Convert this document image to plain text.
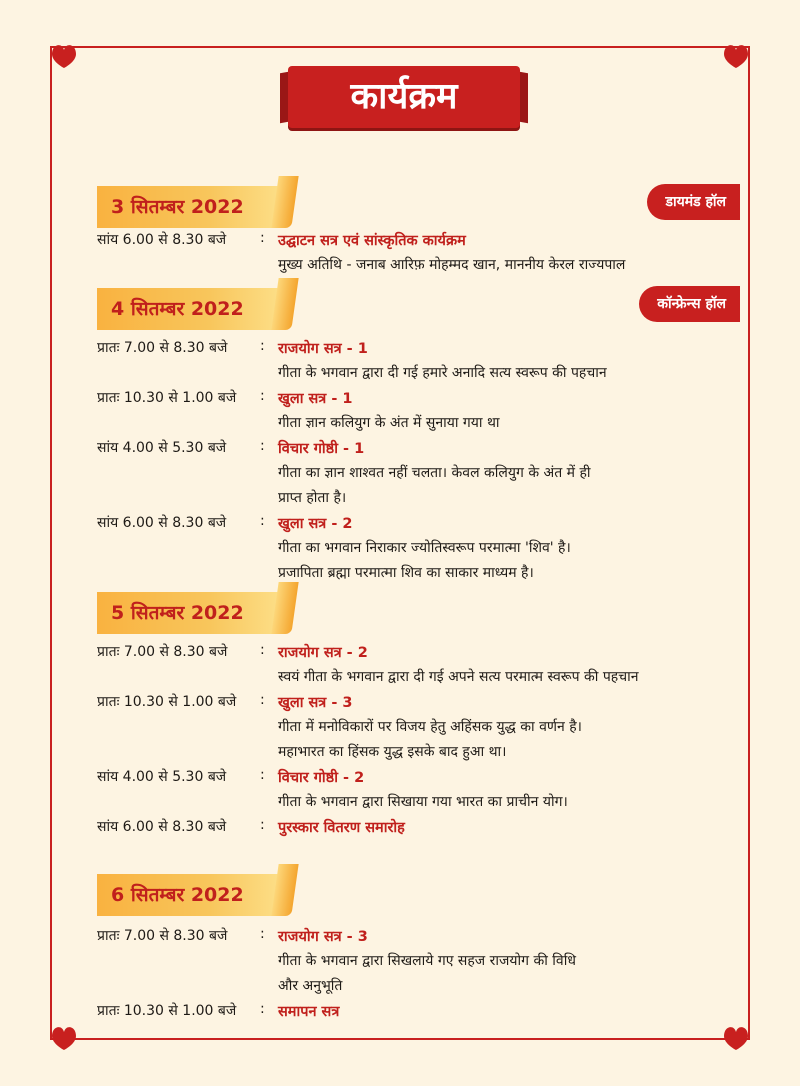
कार्यक्रम
डायमंड हॉल
कॉन्फ्रेन्स हॉल
3 सितम्बर 2022
सांय 6.00 से 8.30 बजे : उद्घाटन सत्र एवं सांस्कृतिक कार्यक्रम
मुख्य अतिथि - जनाब आरिफ़ मोहम्मद खान, माननीय केरल राज्यपाल
4 सितम्बर 2022
प्रातः 7.00 से 8.30 बजे : राजयोग सत्र - 1
गीता के भगवान द्वारा दी गई हमारे अनादि सत्य स्वरूप की पहचान
प्रातः 10.30 से 1.00 बजे : खुला सत्र - 1
गीता ज्ञान कलियुग के अंत में सुनाया गया था
सांय 4.00 से 5.30 बजे : विचार गोष्ठी - 1
गीता का ज्ञान शाश्वत नहीं चलता। केवल कलियुग के अंत में ही
प्राप्त होता है।
सांय 6.00 से 8.30 बजे : खुला सत्र - 2
गीता का भगवान निराकार ज्योतिस्वरूप परमात्मा 'शिव' है।
प्रजापिता ब्रह्मा परमात्मा शिव का साकार माध्यम है।
5 सितम्बर 2022
प्रातः 7.00 से 8.30 बजे : राजयोग सत्र - 2
स्वयं गीता के भगवान द्वारा दी गई अपने सत्य परमात्म स्वरूप की पहचान
प्रातः 10.30 से 1.00 बजे : खुला सत्र - 3
गीता में मनोविकारों पर विजय हेतु अहिंसक युद्ध का वर्णन है।
महाभारत का हिंसक युद्ध इसके बाद हुआ था।
सांय 4.00 से 5.30 बजे : विचार गोष्ठी - 2
गीता के भगवान द्वारा सिखाया गया भारत का प्राचीन योग।
सांय 6.00 से 8.30 बजे : पुरस्कार वितरण समारोह
6 सितम्बर 2022
प्रातः 7.00 से 8.30 बजे : राजयोग सत्र - 3
गीता के भगवान द्वारा सिखलाये गए सहज राजयोग की विधि
और अनुभूति
प्रातः 10.30 से 1.00 बजे : समापन सत्र
